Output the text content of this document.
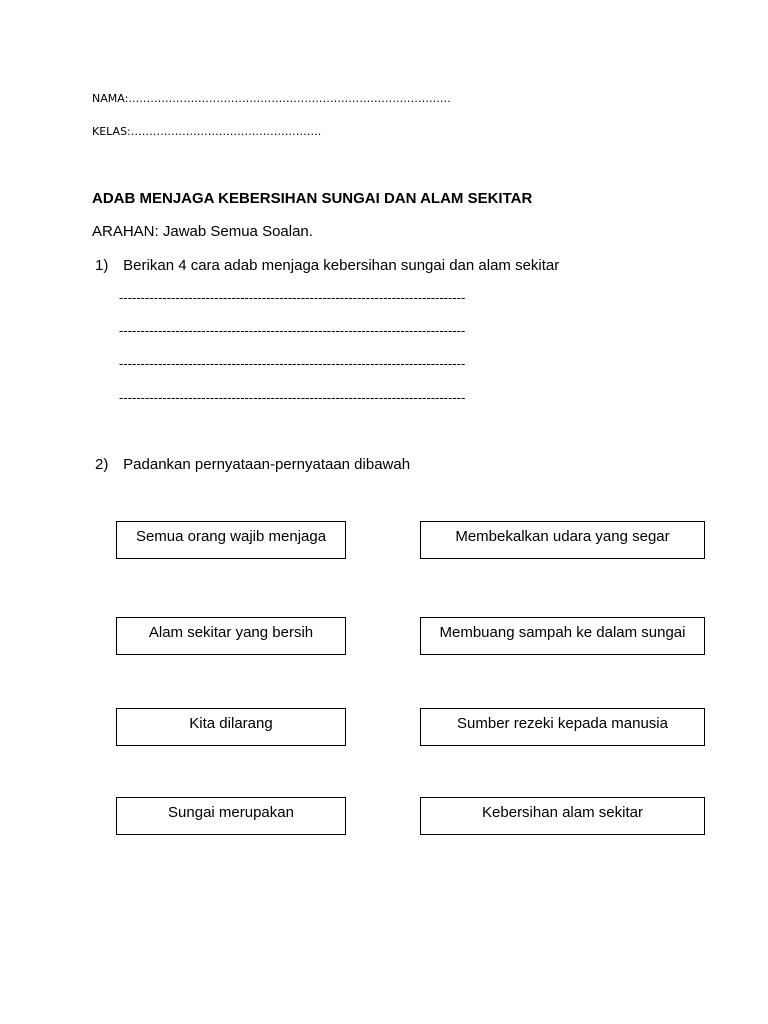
NAMA:…………………………………………………………………………….
KELAS:…………………………………………….
ADAB MENJAGA KEBERSIHAN SUNGAI DAN ALAM SEKITAR
ARAHAN: Jawab Semua Soalan.
1) Berikan 4 cara adab menjaga kebersihan sungai dan alam sekitar
--------------------------------------------------------------------------------
--------------------------------------------------------------------------------
--------------------------------------------------------------------------------
--------------------------------------------------------------------------------
2) Padankan pernyataan-pernyataan dibawah
Semua orang wajib menjaga	Membekalkan udara yang segar
Alam sekitar yang bersih	Membuang sampah ke dalam sungai
Kita dilarang	Sumber rezeki kepada manusia
Sungai merupakan	Kebersihan alam sekitar
